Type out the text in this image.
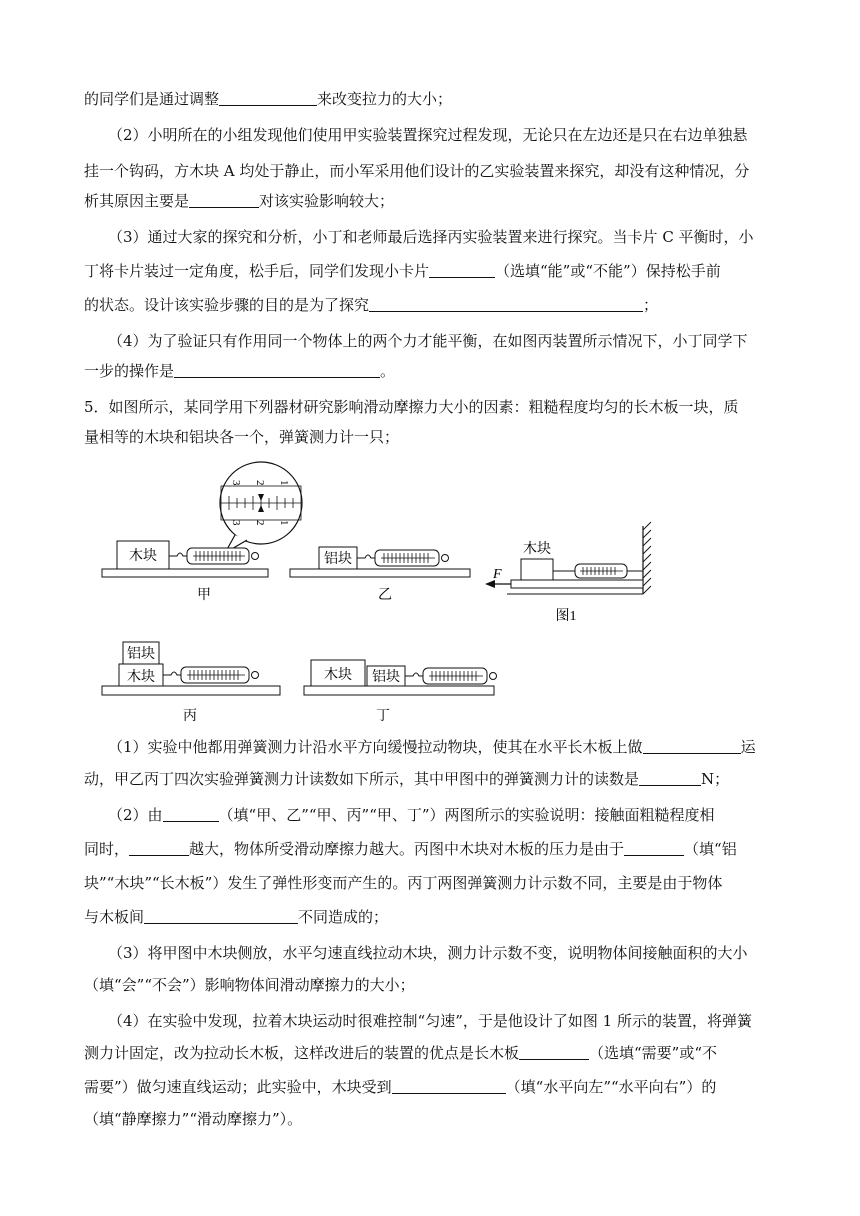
的同学们是通过调整	来改变拉力的大小；
（2）小明所在的小组发现他们使用甲实验装置探究过程发现，无论只在左边还是只在右边单独悬
挂一个钩码，方木块 A 均处于静止，而小军采用他们设计的乙实验装置来探究，却没有这种情况，分
析其原因主要是	对该实验影响较大；
（3）通过大家的探究和分析，小丁和老师最后选择丙实验装置来进行探究。当卡片 C 平衡时，小
丁将卡片装过一定角度，松手后，同学们发现小卡片	（选填“能”或“不能”）保持松手前
的状态。设计该实验步骤的目的是为了探究	；
（4）为了验证只有作用同一个物体上的两个力才能平衡，在如图丙装置所示情况下，小丁同学下
一步的操作是	。
5．如图所示，某同学用下列器材研究影响滑动摩擦力大小的因素：粗糙程度均匀的长木板一块，质
量相等的木块和铝块各一个，弹簧测力计一只；
3 2 1
3 2 1
木块
甲
铝块
乙
F
木块
图1
木块
铝块
丙
木块 铝块
丁
（1）实验中他都用弹簧测力计沿水平方向缓慢拉动物块，使其在水平长木板上做	运
动，甲乙丙丁四次实验弹簧测力计读数如下所示，其中甲图中的弹簧测力计的读数是	N；
（2）由	（填“甲、乙”“甲、丙”“甲、丁”）两图所示的实验说明：接触面粗糙程度相
同时，	越大，物体所受滑动摩擦力越大。丙图中木块对木板的压力是由于	（填“铝
块”“木块”“长木板”）发生了弹性形变而产生的。丙丁两图弹簧测力计示数不同，主要是由于物体
与木板间	不同造成的；
（3）将甲图中木块侧放，水平匀速直线拉动木块，测力计示数不变，说明物体间接触面积的大小
（填“会”“不会”）影响物体间滑动摩擦力的大小；
（4）在实验中发现，拉着木块运动时很难控制“匀速”，于是他设计了如图 1 所示的装置，将弹簧
测力计固定，改为拉动长木板，这样改进后的装置的优点是长木板	（选填“需要”或“不
需要”）做匀速直线运动；此实验中，木块受到	（填“水平向左”“水平向右”）的
（填“静摩擦力”“滑动摩擦力”）。
